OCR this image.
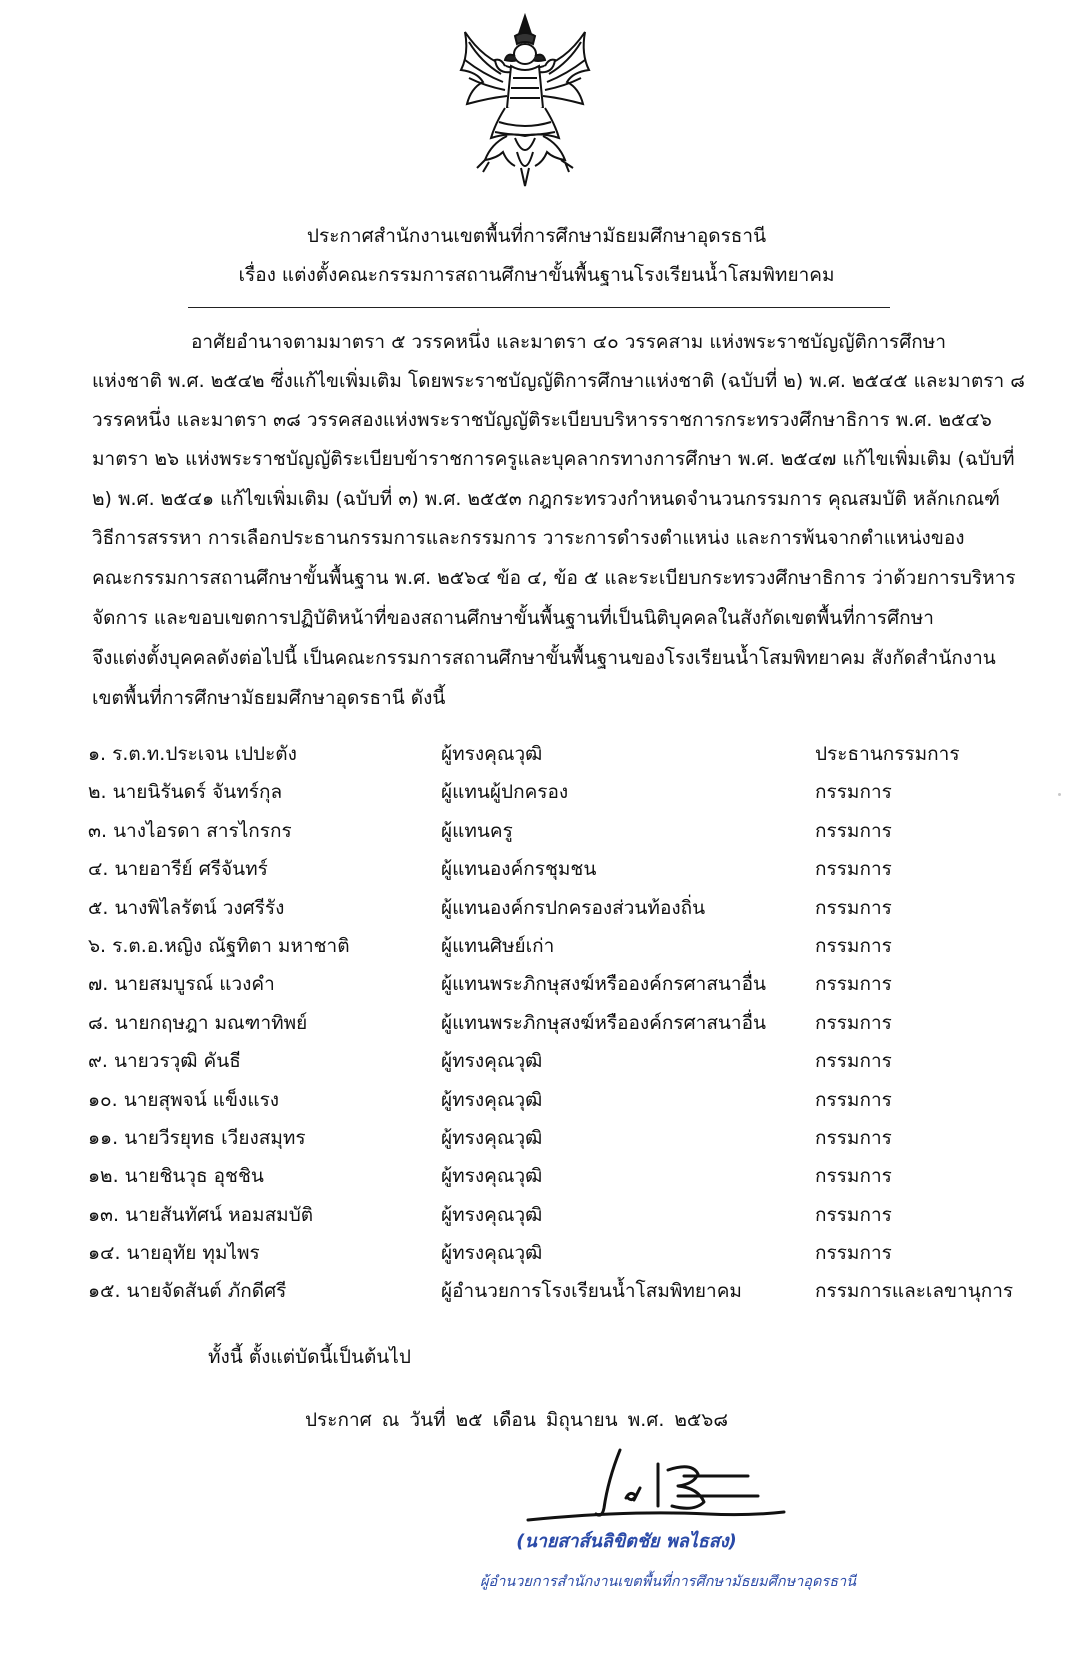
ประกาศสำนักงานเขตพื้นที่การศึกษามัธยมศึกษาอุดรธานี
เรื่อง แต่งตั้งคณะกรรมการสถานศึกษาขั้นพื้นฐานโรงเรียนน้ำโสมพิทยาคม
อาศัยอำนาจตามมาตรา ๕ วรรคหนึ่ง และมาตรา ๔๐ วรรคสาม แห่งพระราชบัญญัติการศึกษา
แห่งชาติ พ.ศ. ๒๕๔๒ ซึ่งแก้ไขเพิ่มเติม โดยพระราชบัญญัติการศึกษาแห่งชาติ (ฉบับที่ ๒) พ.ศ. ๒๕๔๕ และมาตรา ๘
วรรคหนึ่ง และมาตรา ๓๘ วรรคสองแห่งพระราชบัญญัติระเบียบบริหารราชการกระทรวงศึกษาธิการ พ.ศ. ๒๕๔๖
มาตรา ๒๖ แห่งพระราชบัญญัติระเบียบข้าราชการครูและบุคลากรทางการศึกษา พ.ศ. ๒๕๔๗ แก้ไขเพิ่มเติม (ฉบับที่
๒) พ.ศ. ๒๕๔๑ แก้ไขเพิ่มเติม (ฉบับที่ ๓) พ.ศ. ๒๕๕๓ กฎกระทรวงกำหนดจำนวนกรรมการ คุณสมบัติ หลักเกณฑ์
วิธีการสรรหา การเลือกประธานกรรมการและกรรมการ วาระการดำรงตำแหน่ง และการพ้นจากตำแหน่งของ
คณะกรรมการสถานศึกษาขั้นพื้นฐาน พ.ศ. ๒๕๖๔ ข้อ ๔, ข้อ ๕ และระเบียบกระทรวงศึกษาธิการ ว่าด้วยการบริหาร
จัดการ และขอบเขตการปฏิบัติหน้าที่ของสถานศึกษาขั้นพื้นฐานที่เป็นนิติบุคคลในสังกัดเขตพื้นที่การศึกษา
จึงแต่งตั้งบุคคลดังต่อไปนี้ เป็นคณะกรรมการสถานศึกษาขั้นพื้นฐานของโรงเรียนน้ำโสมพิทยาคม สังกัดสำนักงาน
เขตพื้นที่การศึกษามัธยมศึกษาอุดรธานี ดังนี้
๑. ร.ต.ท.ประเจน เปปะตัง	ผู้ทรงคุณวุฒิ	ประธานกรรมการ
๒. นายนิรันดร์ จันทร์กุล	ผู้แทนผู้ปกครอง	กรรมการ
๓. นางไอรดา สารไกรกร	ผู้แทนครู	กรรมการ
๔. นายอารีย์ ศรีจันทร์	ผู้แทนองค์กรชุมชน	กรรมการ
๕. นางพิไลรัตน์ วงศรีรัง	ผู้แทนองค์กรปกครองส่วนท้องถิ่น	กรรมการ
๖. ร.ต.อ.หญิง ณัฐทิตา มหาชาติ	ผู้แทนศิษย์เก่า	กรรมการ
๗. นายสมบูรณ์ แวงคำ	ผู้แทนพระภิกษุสงฆ์หรือองค์กรศาสนาอื่น	กรรมการ
๘. นายกฤษฎา มณฑาทิพย์	ผู้แทนพระภิกษุสงฆ์หรือองค์กรศาสนาอื่น	กรรมการ
๙. นายวรวุฒิ คันธี	ผู้ทรงคุณวุฒิ	กรรมการ
๑๐. นายสุพจน์ แข็งแรง	ผู้ทรงคุณวุฒิ	กรรมการ
๑๑. นายวีรยุทธ เวียงสมุทร	ผู้ทรงคุณวุฒิ	กรรมการ
๑๒. นายชินวุธ อุชชิน	ผู้ทรงคุณวุฒิ	กรรมการ
๑๓. นายสันทัศน์ หอมสมบัติ	ผู้ทรงคุณวุฒิ	กรรมการ
๑๔. นายอุทัย ทุมไพร	ผู้ทรงคุณวุฒิ	กรรมการ
๑๕. นายจัดสันต์ ภักดีศรี	ผู้อำนวยการโรงเรียนน้ำโสมพิทยาคม	กรรมการและเลขานุการ
ทั้งนี้ ตั้งแต่บัดนี้เป็นต้นไป
ประกาศ ณ วันที่ ๒๕ เดือน มิถุนายน พ.ศ. ๒๕๖๘
(นายสาส์นลิขิตชัย พลไธสง)
ผู้อำนวยการสำนักงานเขตพื้นที่การศึกษามัธยมศึกษาอุดรธานี
